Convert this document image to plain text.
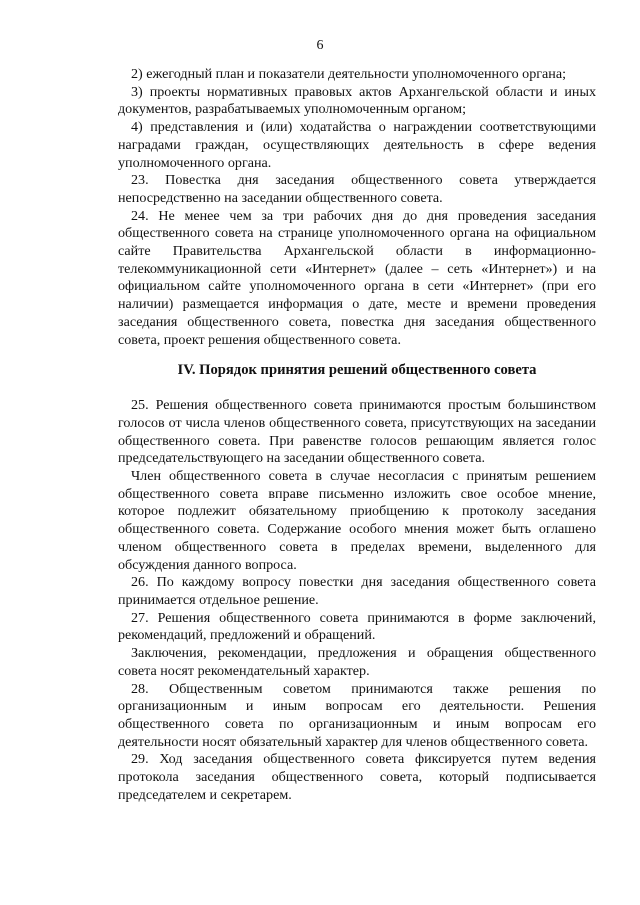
6

2) ежегодный план и показатели деятельности уполномоченного органа;

3) проекты нормативных правовых актов Архангельской области и иных документов, разрабатываемых уполномоченным органом;

4) представления и (или) ходатайства о награждении соответствующими наградами граждан, осуществляющих деятельность в сфере ведения уполномоченного органа.

23. Повестка дня заседания общественного совета утверждается непосредственно на заседании общественного совета.

24. Не менее чем за три рабочих дня до дня проведения заседания общественного совета на странице уполномоченного органа на официальном сайте Правительства Архангельской области в информационно-телекоммуникационной сети «Интернет» (далее – сеть «Интернет») и на официальном сайте уполномоченного органа в сети «Интернет» (при его наличии) размещается информация о дате, месте и времени проведения заседания общественного совета, повестка дня заседания общественного совета, проект решения общественного совета.

IV. Порядок принятия решений общественного совета

25. Решения общественного совета принимаются простым большинством голосов от числа членов общественного совета, присутствующих на заседании общественного совета. При равенстве голосов решающим является голос председательствующего на заседании общественного совета.

Член общественного совета в случае несогласия с принятым решением общественного совета вправе письменно изложить свое особое мнение, которое подлежит обязательному приобщению к протоколу заседания общественного совета. Содержание особого мнения может быть оглашено членом общественного совета в пределах времени, выделенного для обсуждения данного вопроса.

26. По каждому вопросу повестки дня заседания общественного совета принимается отдельное решение.

27. Решения общественного совета принимаются в форме заключений, рекомендаций, предложений и обращений.

Заключения, рекомендации, предложения и обращения общественного совета носят рекомендательный характер.

28. Общественным советом принимаются также решения по организационным и иным вопросам его деятельности. Решения общественного совета по организационным и иным вопросам его деятельности носят обязательный характер для членов общественного совета.

29. Ход заседания общественного совета фиксируется путем ведения протокола заседания общественного совета, который подписывается председателем и секретарем.
